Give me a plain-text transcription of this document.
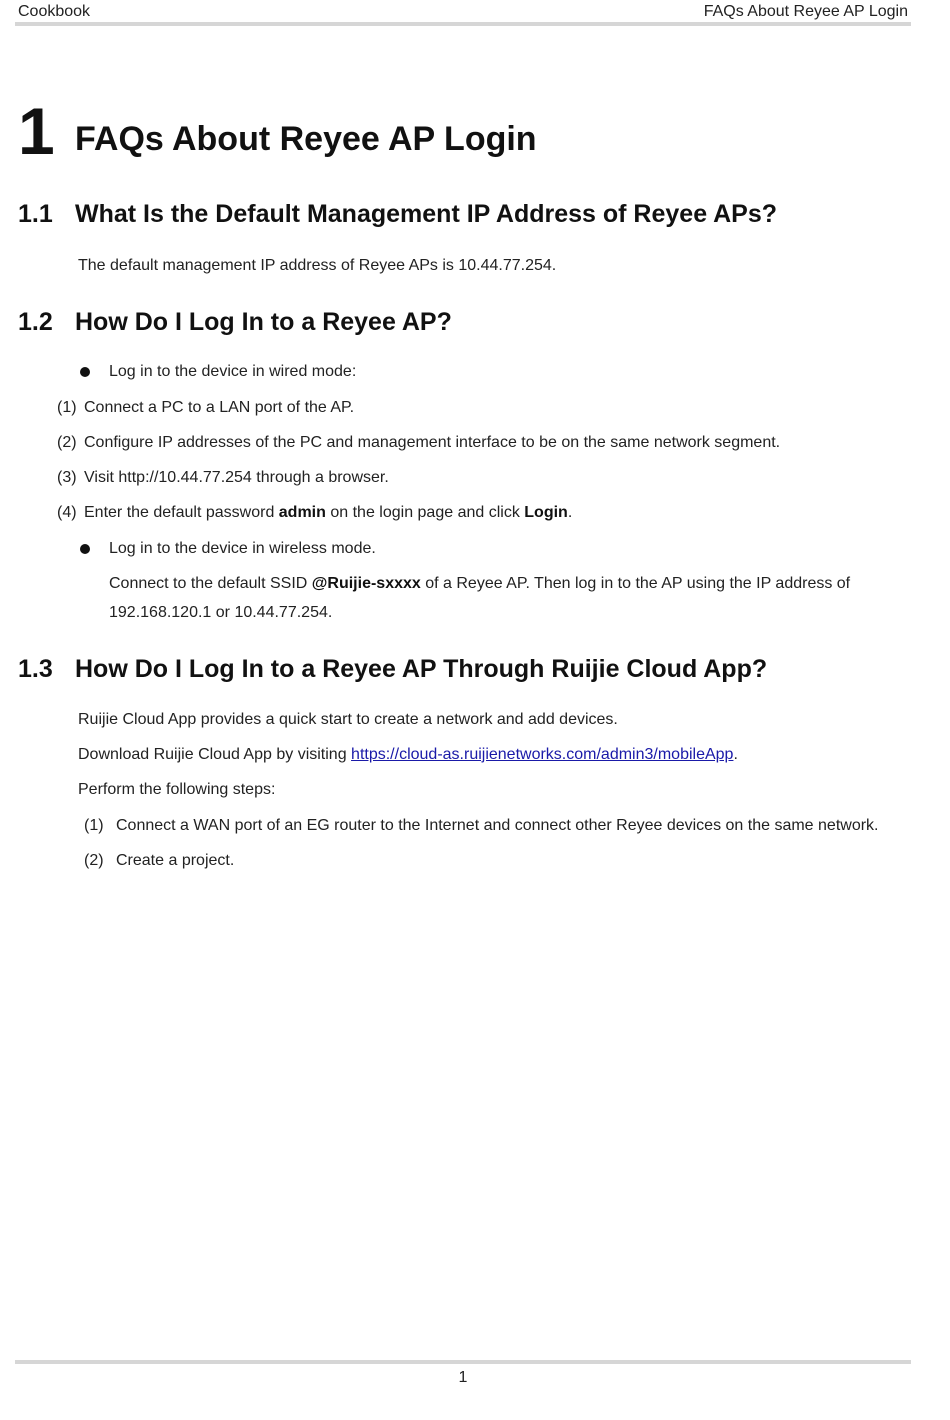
Cookbook	FAQs About Reyee AP Login
1 FAQs About Reyee AP Login
1.1 What Is the Default Management IP Address of Reyee APs?
The default management IP address of Reyee APs is 10.44.77.254.
1.2 How Do I Log In to a Reyee AP?
Log in to the device in wired mode:
(1) Connect a PC to a LAN port of the AP.
(2) Configure IP addresses of the PC and management interface to be on the same network segment.
(3) Visit http://10.44.77.254 through a browser.
(4) Enter the default password admin on the login page and click Login.
Log in to the device in wireless mode.
Connect to the default SSID @Ruijie-sxxxx of a Reyee AP. Then log in to the AP using the IP address of
192.168.120.1 or 10.44.77.254.
1.3 How Do I Log In to a Reyee AP Through Ruijie Cloud App?
Ruijie Cloud App provides a quick start to create a network and add devices.
Download Ruijie Cloud App by visiting https://cloud-as.ruijienetworks.com/admin3/mobileApp.
Perform the following steps:
(1) Connect a WAN port of an EG router to the Internet and connect other Reyee devices on the same network.
(2) Create a project.
1
